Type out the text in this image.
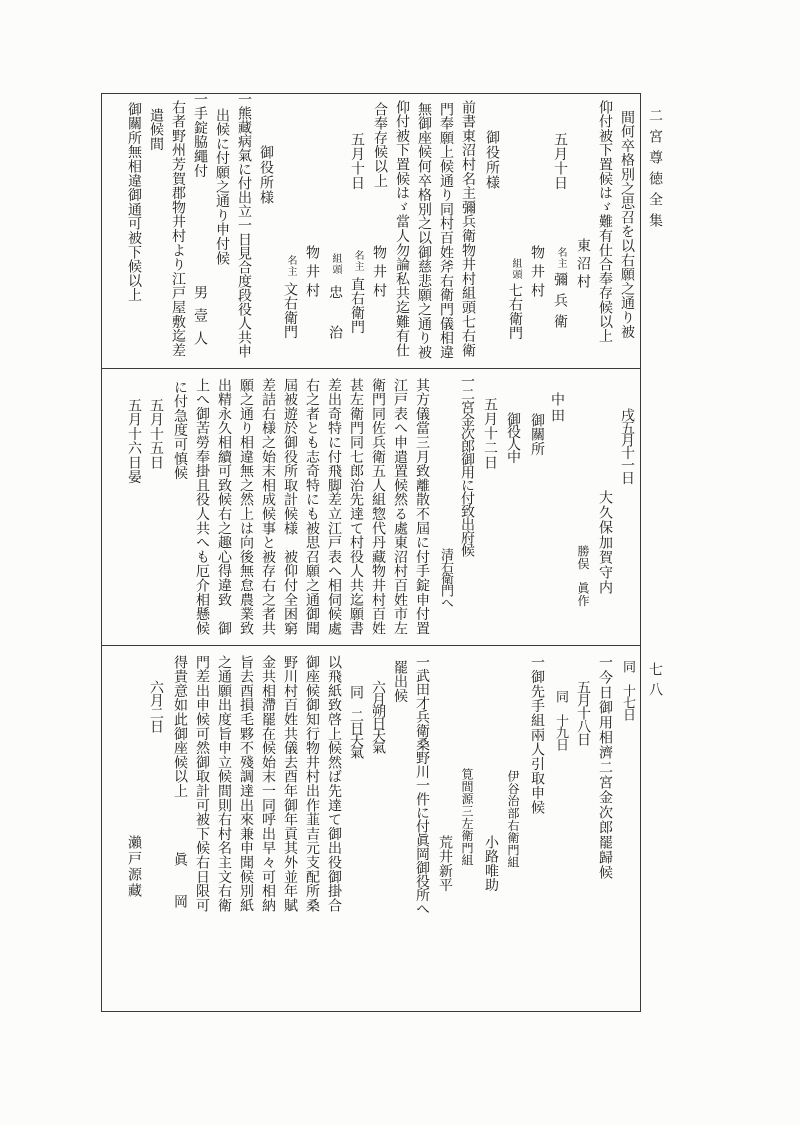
二宮尊徳全集
七八
間何卒格別之思召を以右願之通り被
仰付被下置候はゞ難有仕合奉存候以上
東沼村
五月十日
名主
彌兵衛
物井村
組頭
七右衛門
御役所様
前書東沼村名主彌兵衛物井村組頭七右衛
門奉願上候通り同村百姓斧右衛門儀相違
無御座候何卒格別之以御慈悲願之通り被
仰付被下置候はゞ當人勿論私共迄難有仕
合奉存候以上
物井村
五月十日
名主
直右衛門
組頭
忠治
物井村
名主
文右衛門
御役所様
一熊藏病氣に付出立一日見合度段役人共申
出候に付願之通り申付候
一手錠脇繩付
男壹人
右者野州芳賀郡物井村より江戸屋敷迄差
遣候間
御關所無相違御通可被下候以上
戌五月十一日
大久保加賀守内
勝俣　眞作
中田
御關所
御役人中
五月十二日
一二宮金次郎御用に付致出府候
清右衛門へ
其方儀當三月致離散不屆に付手錠申付置
江戸表へ申遣置候然る處東沼村百姓市左
衛門同佐兵衛五人組惣代丹藏物井村百姓
甚左衛門同七郎治先達て村役人共迄願書
差出奇特に付飛脚差立江戸表へ相伺候處
右之者とも志奇特にも被思召願之通御聞
屆被遊於御役所取計候様　被仰付全困窮
差詰右様之始末相成候事と被存右之者共
願之通り相違無之然上は向後無怠農業致
出精永久相續可致候右之趣心得違致　御
上へ御苦勞奉掛且役人共へも厄介相懸候
に付急度可慎候
五月十五日
五月十六日晏
同　十七日
一今日御用相濟二宮金次郎罷歸候
五月十八日
同　十九日
一御先手組兩人引取申候
伊谷治部右衛門組
小路唯助
筧間源三左衛門組
荒井新平
一武田才兵衛桑野川一件に付眞岡御役所へ
罷出候
六月朔日天氣
同　二日天氣
以飛紙致啓上候然ば先達て御出役御掛合
御座候御知行物井村出作韮吉元支配所桑
野川村百姓共儀去酉年御年貢其外並年賦
金共相滯罷在候始末一同呼出早々可相納
旨去酉損毛夥不殘調達出來兼申聞候別紙
之通願出度旨申立候間則右村名主文右衛
門差出申候可然御取計可被下候右日限可
得貴意如此御座候以上
眞岡
六月二日
瀨戸源藏
